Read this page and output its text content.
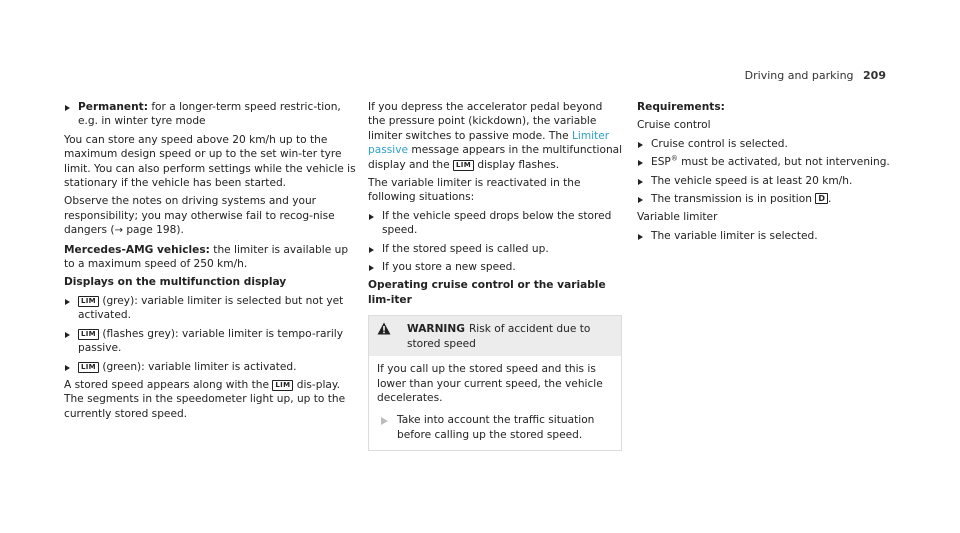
Driving and parking 209
Permanent: for a longer-term speed restric-tion, e.g. in winter tyre mode

You can store any speed above 20 km/h up to the maximum design speed or up to the set win-ter tyre limit. You can also perform settings while the vehicle is stationary if the vehicle has been started.

Observe the notes on driving systems and your responsibility; you may otherwise fail to recog-nise dangers (→ page 198).

Mercedes-AMG vehicles: the limiter is available up to a maximum speed of 250 km/h.

Displays on the multifunction display

LIM (grey): variable limiter is selected but not yet activated.
LIM (flashes grey): variable limiter is tempo-rarily passive.
LIM (green): variable limiter is activated.

A stored speed appears along with the LIM dis-play. The segments in the speedometer light up, up to the currently stored speed.

If you depress the accelerator pedal beyond the pressure point (kickdown), the variable limiter switches to passive mode. The Limiter passive message appears in the multifunctional display and the LIM display flashes.

The variable limiter is reactivated in the following situations:

If the vehicle speed drops below the stored speed.
If the stored speed is called up.
If you store a new speed.

Operating cruise control or the variable lim-iter

WARNING Risk of accident due to stored speed
If you call up the stored speed and this is lower than your current speed, the vehicle decelerates.
Take into account the traffic situation before calling up the stored speed.

Requirements:

Cruise control

Cruise control is selected.
ESP® must be activated, but not intervening.
The vehicle speed is at least 20 km/h.
The transmission is in position D .

Variable limiter

The variable limiter is selected.
